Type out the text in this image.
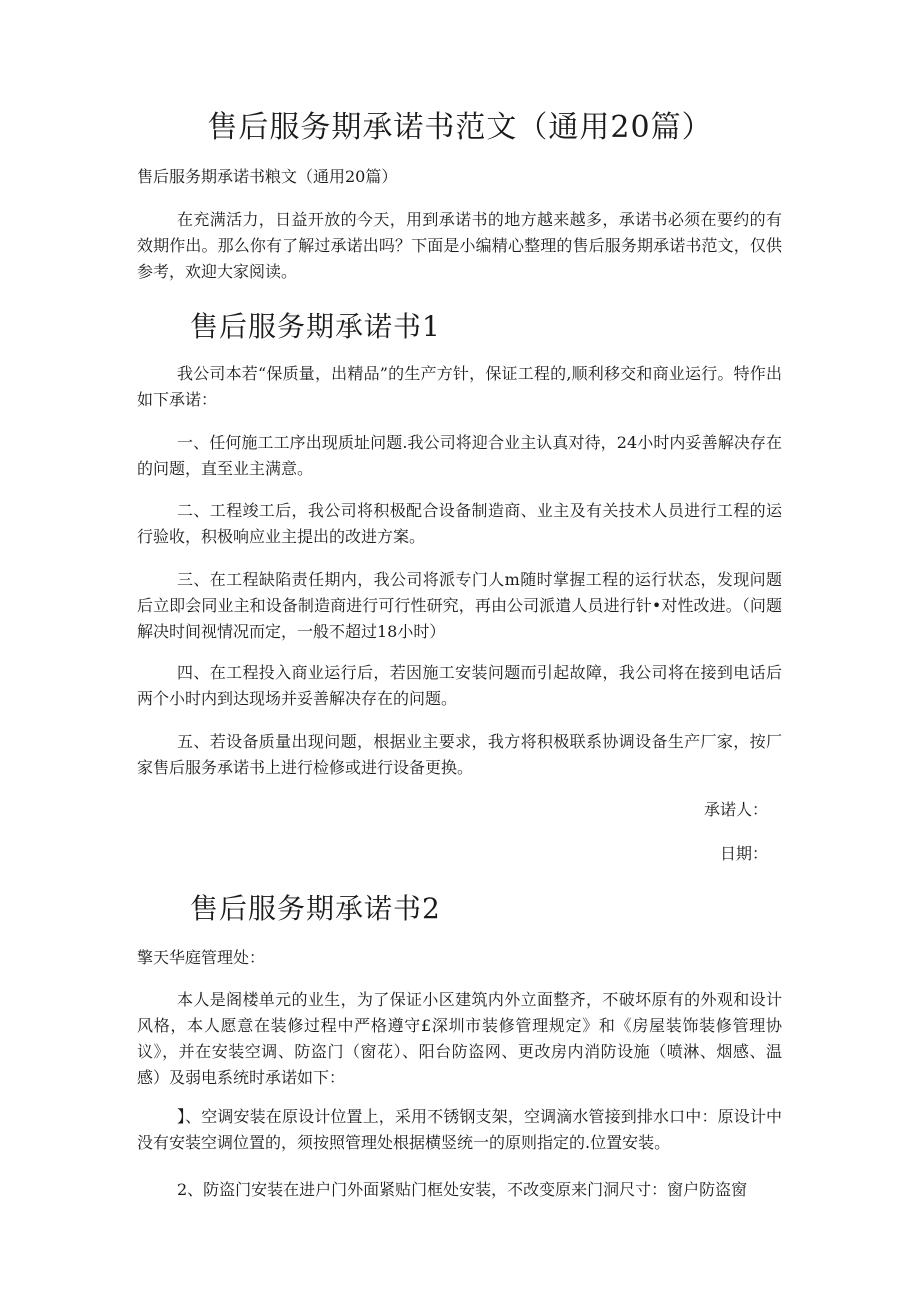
售后服务期承诺书范文（通用20篇）
售后服务期承诺书粮文（通用20篇）

在充满活力，日益开放的今天，用到承诺书的地方越来越多，承诺书必须在要约的有效期作出。那么你有了解过承诺出吗？下面是小编精心整理的售后服务期承诺书范文，仅供参考，欢迎大家阅读。

售后服务期承诺书1

我公司本若“保质量，出精品”的生产方针，保证工程的,顺利移交和商业运行。特作出如下承诺：

一、任何施工工序出现质址问题.我公司将迎合业主认真对待，24小时内妥善解决存在的问题，直至业主满意。

二、工程竣工后，我公司将积极配合设备制造商、业主及有关技术人员进行工程的运行验收，积极响应业主提出的改进方案。

三、在工程缺陷责任期内，我公司将派专门人m随时掌握工程的运行状态，发现问题后立即会同业主和设备制造商进行可行性研究，再由公司派遣人员进行针•对性改进。（问题解决时间视情况而定，一般不超过18小时）

四、在工程投入商业运行后，若因施工安装问题而引起故障，我公司将在接到电话后两个小时内到达现场并妥善解决存在的问题。

五、若设备质量出现问题，根据业主要求，我方将积极联系协调设备生产厂家，按厂家售后服务承诺书上进行检修或进行设备更换。

承诺人：
日期：
售后服务期承诺书2
擎天华庭管理处：

本人是阁楼单元的业生，为了保证小区建筑内外立面整齐，不破坏原有的外观和设计风格，本人愿意在装修过程中严格遵守£深圳市装修管理规定》和《房屋装饰装修管理协议》，并在安装空调、防盗门（窗花）、阳台防盗网、更改房内消防设施（喷淋、烟感、温感）及弱电系统时承诺如下：

】、空调安装在原设计位置上，采用不锈钢支架，空调滴水管接到排水口中：原设计中没有安装空调位置的，须按照管理处根据横竖统一的原则指定的.位置安装。

2、防盗门安装在进户门外面紧贴门框处安装，不改变原来门洞尺寸：窗户防盗窗
